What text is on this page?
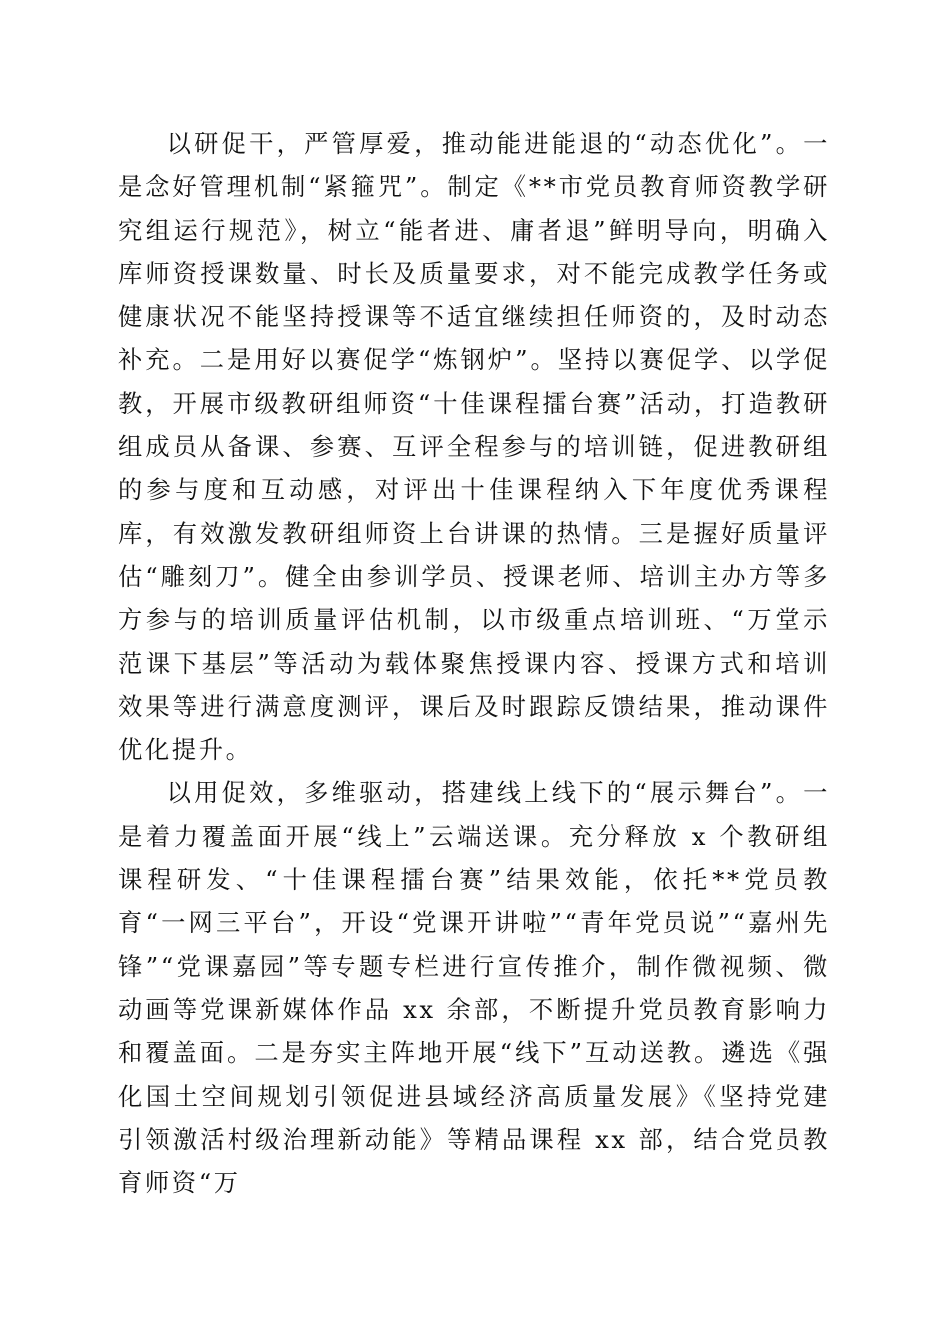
以研促干，严管厚爱，推动能进能退的“动态优化”。一是念好管理机制“紧箍咒”。制定《**市党员教育师资教学研究组运行规范》，树立“能者进、庸者退”鲜明导向，明确入库师资授课数量、时长及质量要求，对不能完成教学任务或健康状况不能坚持授课等不适宜继续担任师资的，及时动态补充。二是用好以赛促学“炼钢炉”。坚持以赛促学、以学促教，开展市级教研组师资“十佳课程擂台赛”活动，打造教研组成员从备课、参赛、互评全程参与的培训链，促进教研组的参与度和互动感，对评出十佳课程纳入下年度优秀课程库，有效激发教研组师资上台讲课的热情。三是握好质量评估“雕刻刀”。健全由参训学员、授课老师、培训主办方等多方参与的培训质量评估机制，以市级重点培训班、“万堂示范课下基层”等活动为载体聚焦授课内容、授课方式和培训效果等进行满意度测评，课后及时跟踪反馈结果，推动课件优化提升。

以用促效，多维驱动，搭建线上线下的“展示舞台”。一是着力覆盖面开展“线上”云端送课。充分释放 x 个教研组课程研发、“十佳课程擂台赛”结果效能，依托**党员教育“一网三平台”，开设“党课开讲啦”“青年党员说”“嘉州先锋”“党课嘉园”等专题专栏进行宣传推介，制作微视频、微动画等党课新媒体作品 xx 余部，不断提升党员教育影响力和覆盖面。二是夯实主阵地开展“线下”互动送教。遴选《强化国土空间规划引领促进县域经济高质量发展》《坚持党建引领激活村级治理新动能》等精品课程 xx 部，结合党员教育师资“万
